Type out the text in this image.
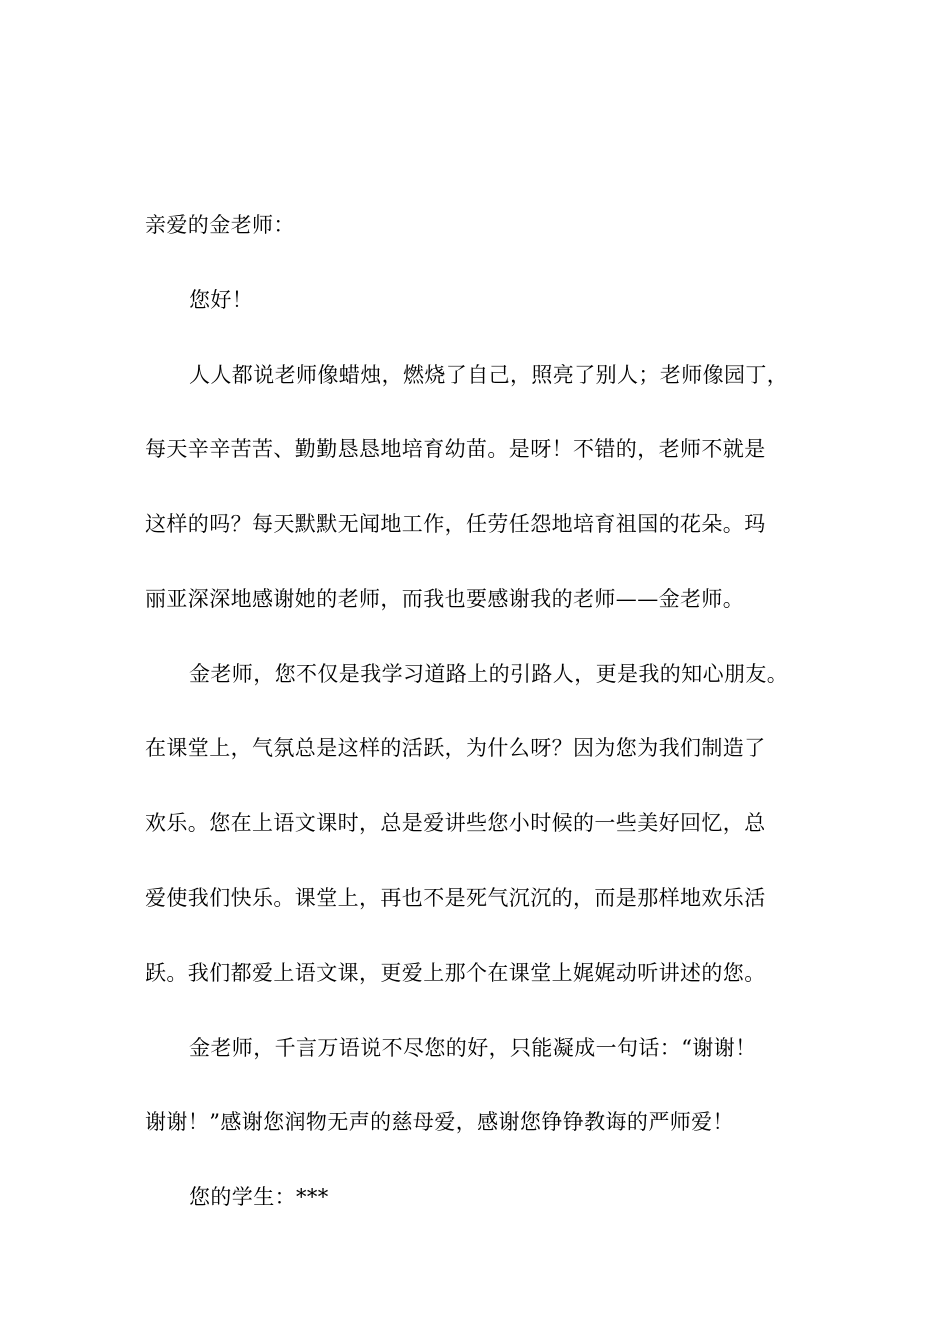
亲爱的金老师：
您好！
人人都说老师像蜡烛，燃烧了自己，照亮了别人；老师像园丁，
每天辛辛苦苦、勤勤恳恳地培育幼苗。是呀！不错的，老师不就是
这样的吗？每天默默无闻地工作，任劳任怨地培育祖国的花朵。玛
丽亚深深地感谢她的老师，而我也要感谢我的老师——金老师。
金老师，您不仅是我学习道路上的引路人，更是我的知心朋友。
在课堂上，气氛总是这样的活跃，为什么呀？因为您为我们制造了
欢乐。您在上语文课时，总是爱讲些您小时候的一些美好回忆，总
爱使我们快乐。课堂上，再也不是死气沉沉的，而是那样地欢乐活
跃。我们都爱上语文课，更爱上那个在课堂上娓娓动听讲述的您。
金老师，千言万语说不尽您的好，只能凝成一句话：“谢谢！
谢谢！”感谢您润物无声的慈母爱，感谢您铮铮教诲的严师爱！
您的学生：***
